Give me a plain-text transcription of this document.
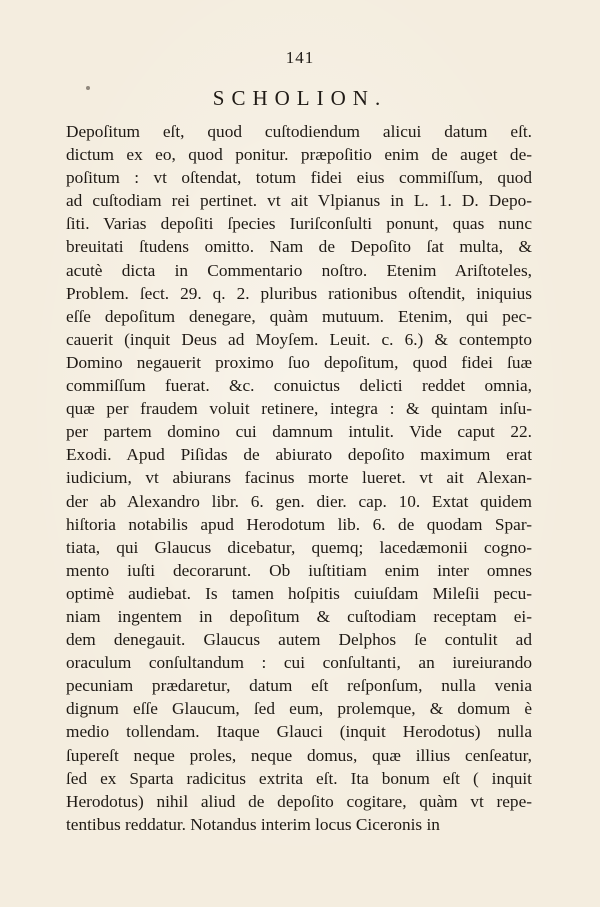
141
SCHOLION.
Depoſitum eſt, quod cuſtodiendum alicui datum eſt.
dictum ex eo, quod ponitur. præpoſitio enim de auget de-
poſitum : vt oſtendat, totum fidei eius commiſſum, quod
ad cuſtodiam rei pertinet. vt ait Vlpianus in L. 1. D. Depo-
ſiti. Varias depoſiti ſpecies Iuriſconſulti ponunt, quas nunc
breuitati ſtudens omitto. Nam de Depoſito ſat multa, &
acutè dicta in Commentario noſtro. Etenim Ariſtoteles,
Problem. ſect. 29. q. 2. pluribus rationibus oſtendit, iniquius
eſſe depoſitum denegare, quàm mutuum. Etenim, qui pec-
cauerit (inquit Deus ad Moyſem. Leuit. c. 6.) & contempto
Domino negauerit proximo ſuo depoſitum, quod fidei ſuæ
commiſſum fuerat. &c. conuictus delicti reddet omnia,
quæ per fraudem voluit retinere, integra : & quintam inſu-
per partem domino cui damnum intulit. Vide caput 22.
Exodi. Apud Piſidas de abiurato depoſito maximum erat
iudicium, vt abiurans facinus morte lueret. vt ait Alexan-
der ab Alexandro libr. 6. gen. dier. cap. 10. Extat quidem
hiſtoria notabilis apud Herodotum lib. 6. de quodam Spar-
tiata, qui Glaucus dicebatur, quemq; lacedæmonii cogno-
mento iuſti decorarunt. Ob iuſtitiam enim inter omnes
optimè audiebat. Is tamen hoſpitis cuiuſdam Mileſii pecu-
niam ingentem in depoſitum & cuſtodiam receptam ei-
dem denegauit. Glaucus autem Delphos ſe contulit ad
oraculum conſultandum : cui conſultanti, an iureiurando
pecuniam prædaretur, datum eſt reſponſum, nulla venia
dignum eſſe Glaucum, ſed eum, prolemque, & domum è
medio tollendam. Itaque Glauci (inquit Herodotus) nulla
ſupereſt neque proles, neque domus, quæ illius cenſeatur,
ſed ex Sparta radicitus extrita eſt. Ita bonum eſt ( inquit
Herodotus) nihil aliud de depoſito cogitare, quàm vt repe-
tentibus reddatur. Notandus interim locus Ciceronis in
